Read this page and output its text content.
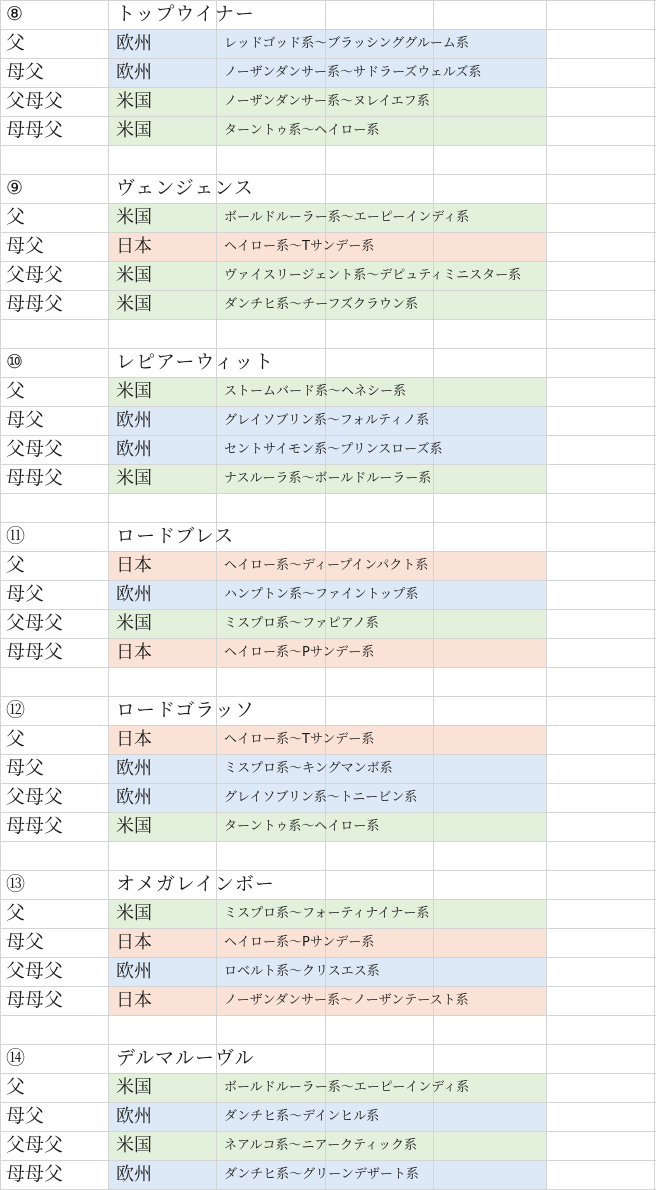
⑧	トップウイナー
父	欧州	レッドゴッド系～ブラッシンググルーム系
母父	欧州	ノーザンダンサー系～サドラーズウェルズ系
父母父	米国	ノーザンダンサー系～ヌレイエフ系
母母父	米国	ターントゥ系～ヘイロー系
⑨	ヴェンジェンス
父	米国	ボールドルーラー系～エーピーインディ系
母父	日本	ヘイロー系～Tサンデー系
父母父	米国	ヴァイスリージェント系～デピュティミニスター系
母母父	米国	ダンチヒ系～チーフズクラウン系
⑩	レピアーウィット
父	米国	ストームバード系～ヘネシー系
母父	欧州	グレイソブリン系～フォルティノ系
父母父	欧州	セントサイモン系～プリンスローズ系
母母父	米国	ナスルーラ系～ボールドルーラー系
⑪	ロードブレス
父	日本	ヘイロー系～ディープインパクト系
母父	欧州	ハンプトン系～ファイントップ系
父母父	米国	ミスプロ系～ファピアノ系
母母父	日本	ヘイロー系～Pサンデー系
⑫	ロードゴラッソ
父	日本	ヘイロー系～Tサンデー系
母父	欧州	ミスプロ系～キングマンボ系
父母父	欧州	グレイソブリン系～トニービン系
母母父	米国	ターントゥ系～ヘイロー系
⑬	オメガレインボー
父	米国	ミスプロ系～フォーティナイナー系
母父	日本	ヘイロー系～Pサンデー系
父母父	欧州	ロベルト系～クリスエス系
母母父	日本	ノーザンダンサー系～ノーザンテースト系
⑭	デルマルーヴル
父	米国	ボールドルーラー系～エーピーインディ系
母父	欧州	ダンチヒ系～デインヒル系
父母父	米国	ネアルコ系～ニアークティック系
母母父	欧州	ダンチヒ系～グリーンデザート系
